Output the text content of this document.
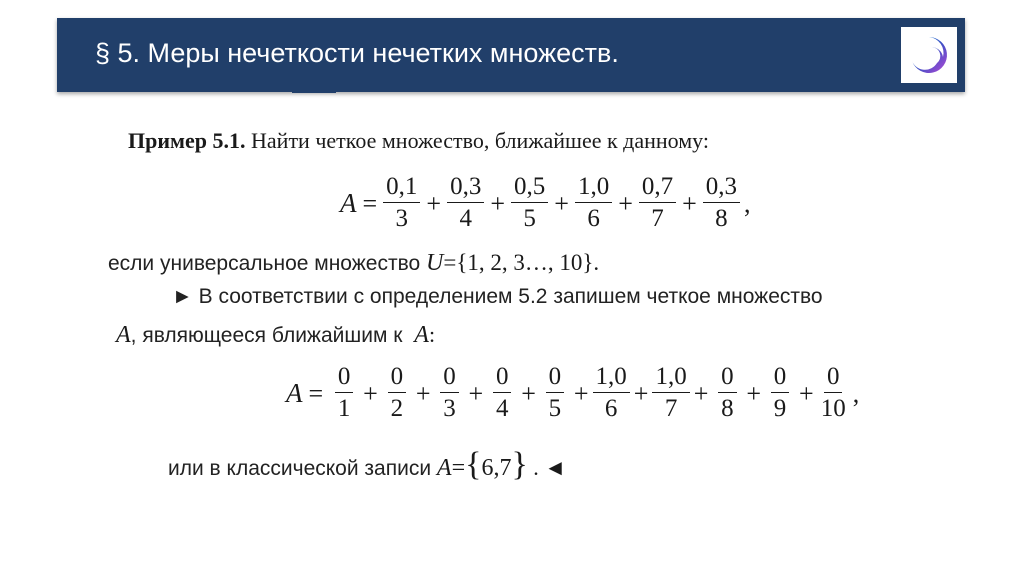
§ 5. Меры нечеткости нечетких множеств.
Пример 5.1. Найти четкое множество, ближайшее к данному:
$A = \frac{0,1}{3} + \frac{0,3}{4} + \frac{0,5}{5} + \frac{1,0}{6} + \frac{0,7}{7} + \frac{0,3}{8}$ ,
если универсальное множество U={1, 2, 3…, 10}.
► В соответствии с определением 5.2 запишем четкое множество
A, являющееся ближайшим к A:
$A = \frac{0}{1} + \frac{0}{2} + \frac{0}{3} + \frac{0}{4} + \frac{0}{5} + \frac{1,0}{6} + \frac{1,0}{7} + \frac{0}{8} + \frac{0}{9} + \frac{0}{10}$ ,
или в классической записи A={6,7} . ◄
